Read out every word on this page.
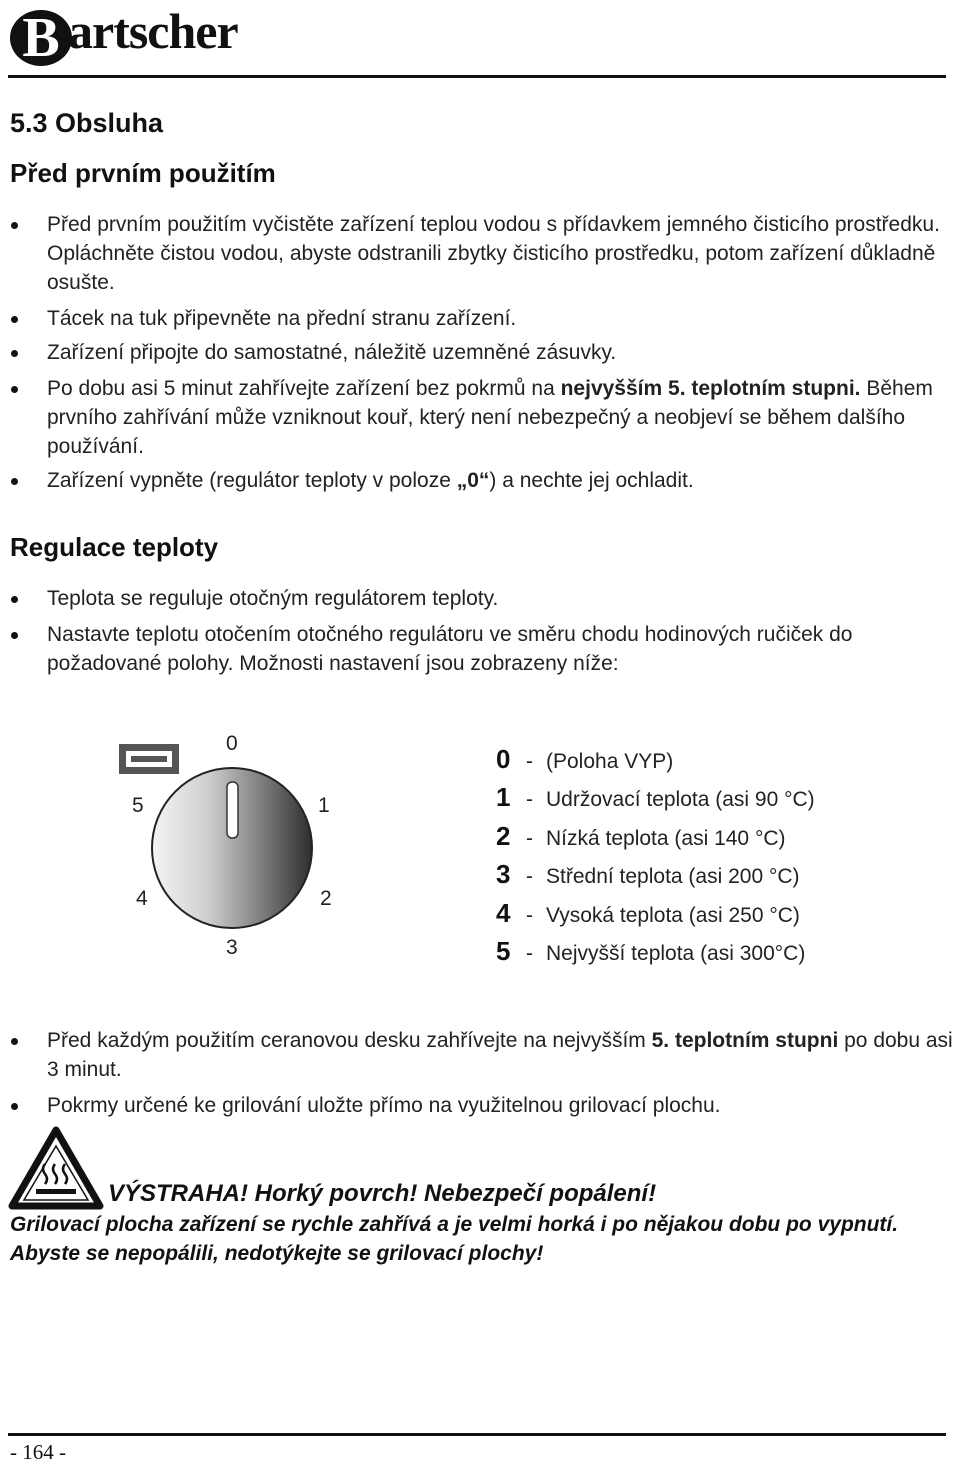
B artscher
5.3 Obsluha
Před prvním použitím
Před prvním použitím vyčistěte zařízení teplou vodou s přídavkem jemného čisticího prostředku. Opláchněte čistou vodou, abyste odstranili zbytky čisticího prostředku, potom zařízení důkladně osušte.
Tácek na tuk připevněte na přední stranu zařízení.
Zařízení připojte do samostatné, náležitě uzemněné zásuvky.
Po dobu asi 5 minut zahřívejte zařízení bez pokrmů na nejvyšším 5. teplotním stupni. Během prvního zahřívání může vzniknout kouř, který není nebezpečný a neobjeví se během dalšího používání.
Zařízení vypněte (regulátor teploty v poloze „0“) a nechte jej ochladit.
Regulace teploty
Teplota se reguluje otočným regulátorem teploty.
Nastavte teplotu otočením otočného regulátoru ve směru chodu hodinových ručiček do požadované polohy. Možnosti nastavení jsou zobrazeny níže:
0
1
2
3
4
5
0 - (Poloha VYP)
1 - Udržovací teplota (asi 90 °C)
2 - Nízká teplota (asi 140 °C)
3 - Střední teplota (asi 200 °C)
4 - Vysoká teplota (asi 250 °C)
5 - Nejvyšší teplota (asi 300°C)
Před každým použitím ceranovou desku zahřívejte na nejvyšším 5. teplotním stupni po dobu asi 3 minut.
Pokrmy určené ke grilování uložte přímo na využitelnou grilovací plochu.
VÝSTRAHA! Horký povrch! Nebezpečí popálení!
Grilovací plocha zařízení se rychle zahřívá a je velmi horká i po nějakou dobu po vypnutí. Abyste se nepopálili, nedotýkejte se grilovací plochy!
- 164 -
